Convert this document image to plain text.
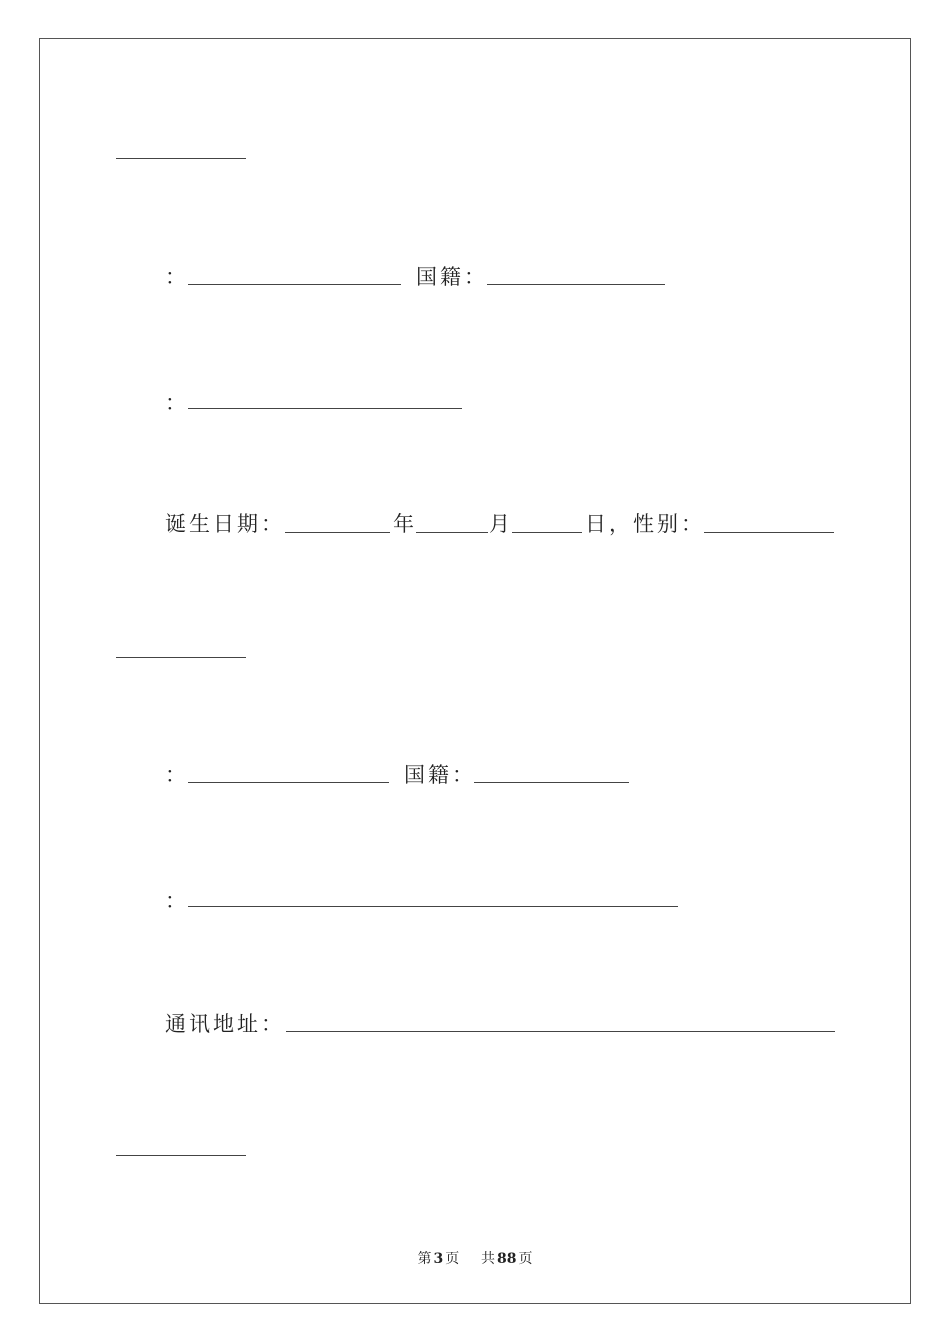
：	国籍：
：
诞生日期：	年	月	日，性别：
：	国籍：
：
通讯地址：
第 3 页 共 88 页
